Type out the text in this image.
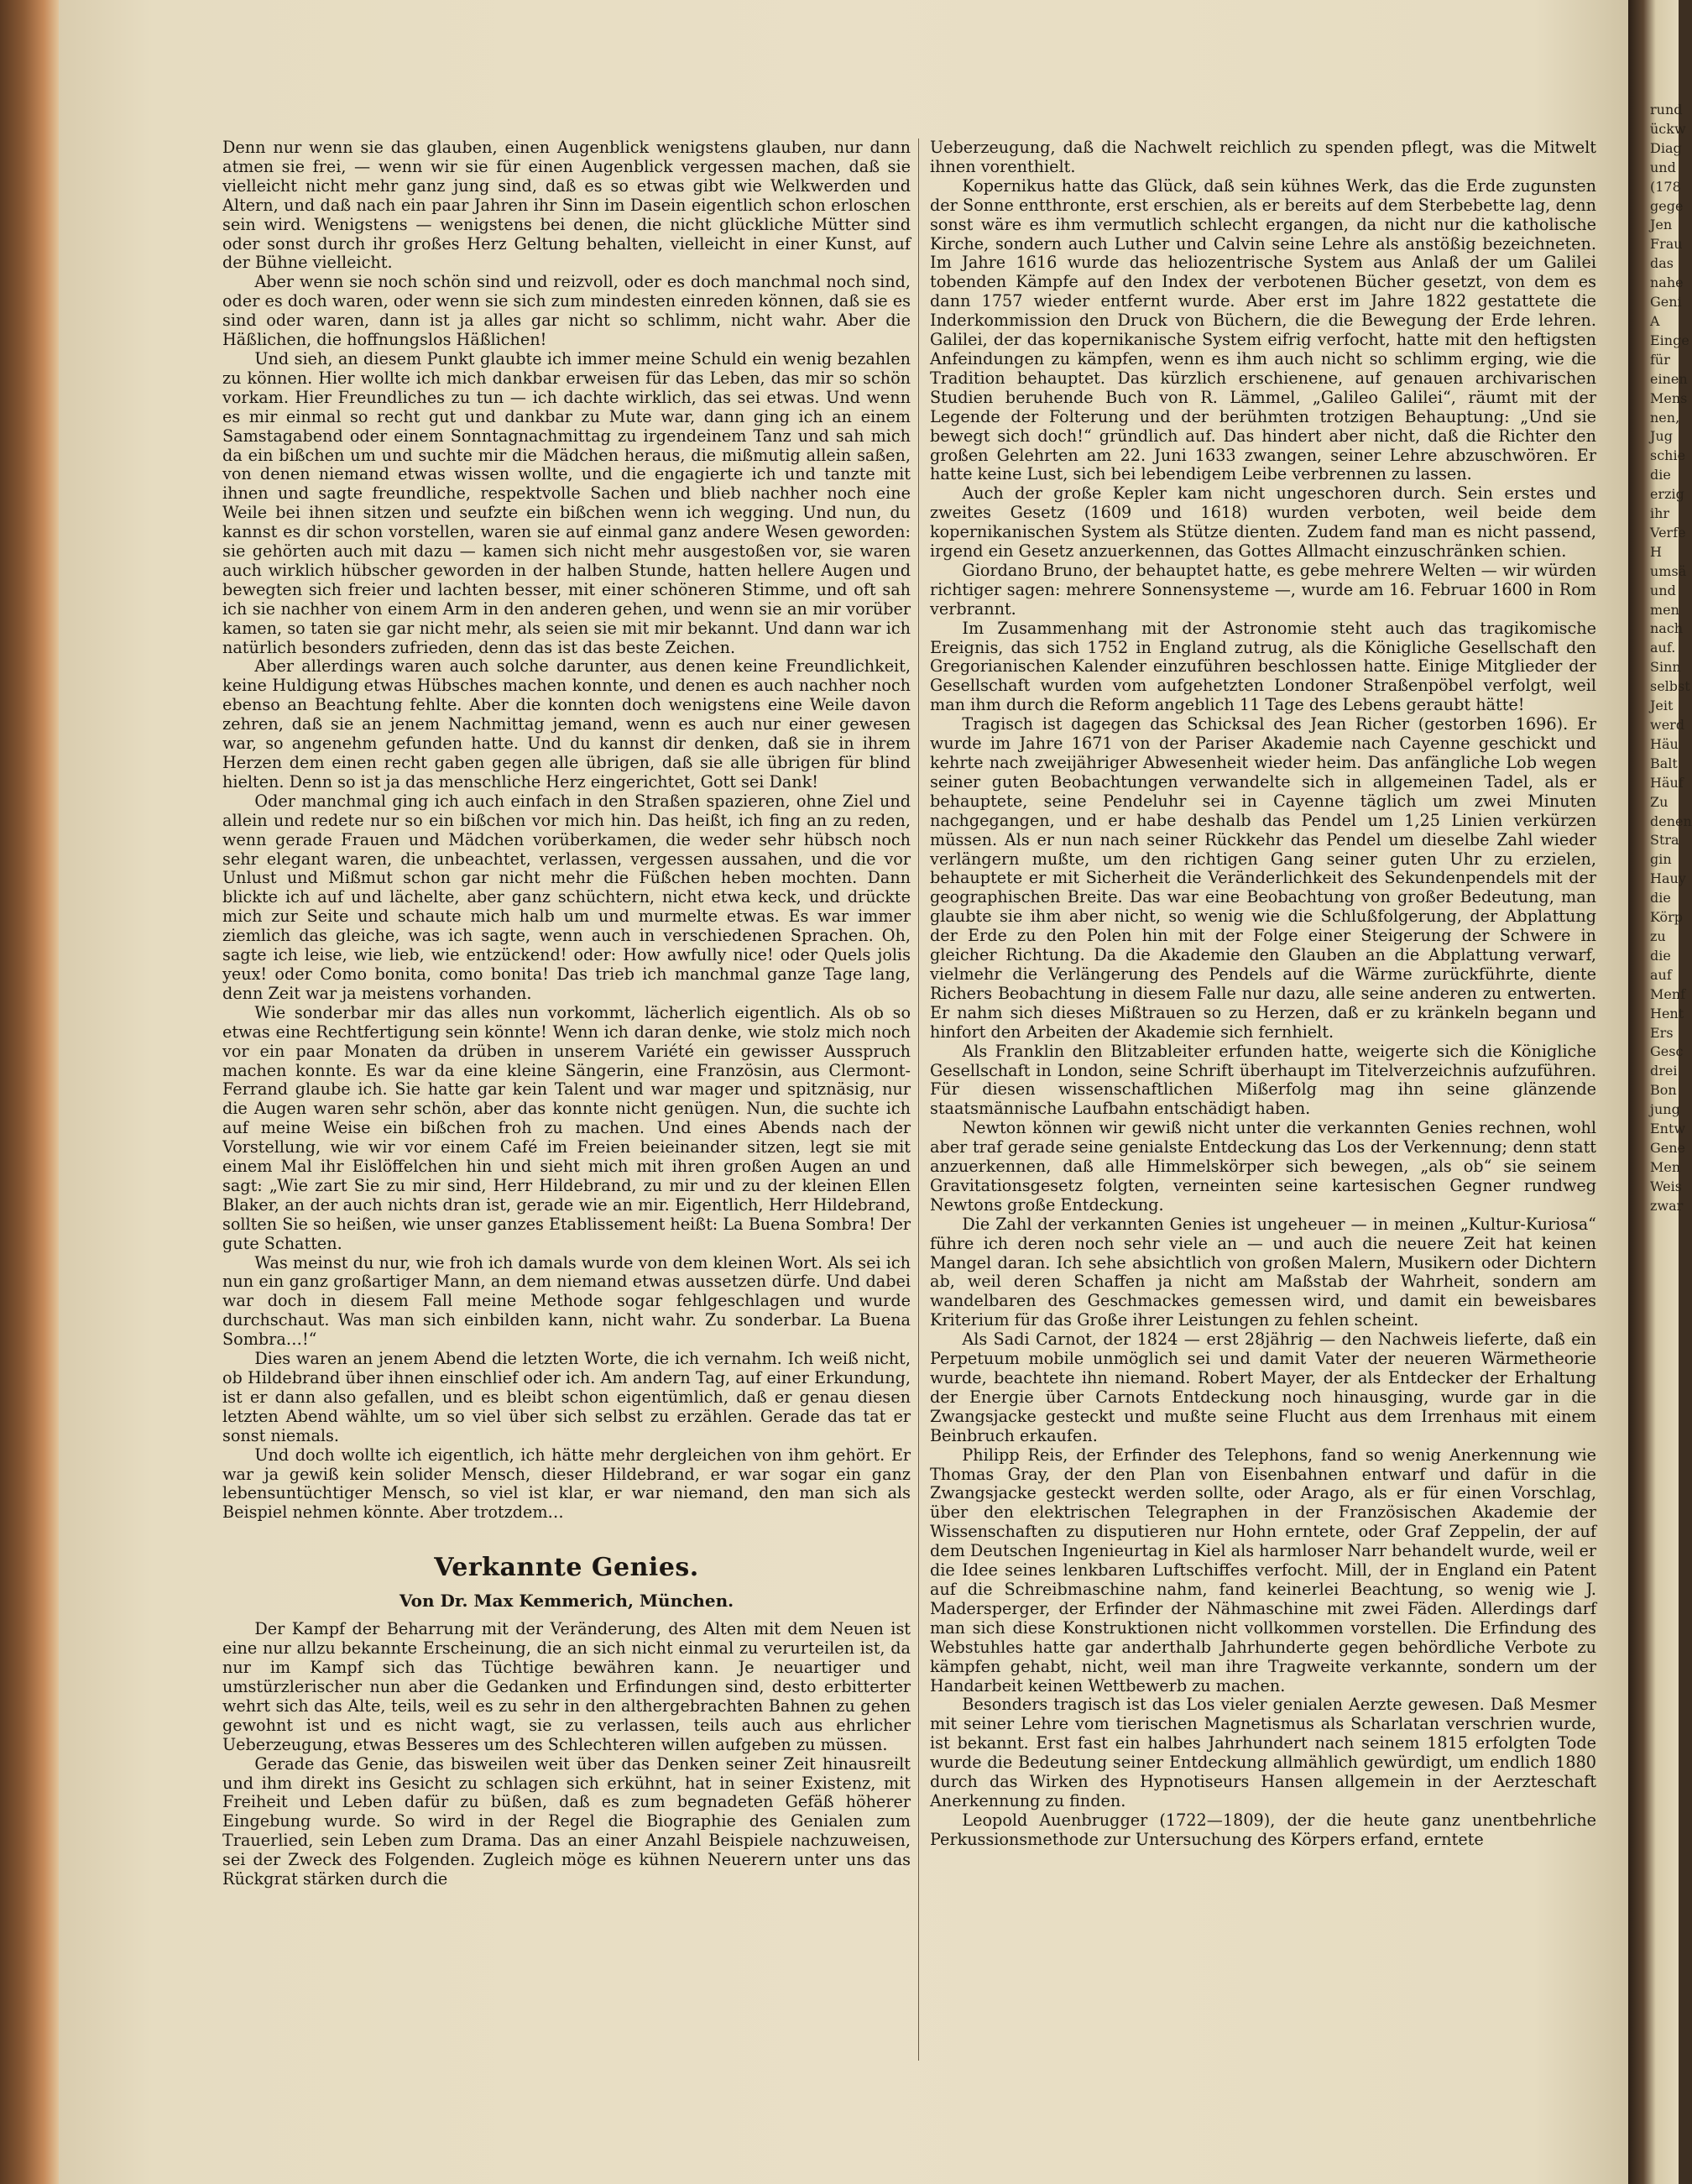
Denn nur wenn sie das glauben, einen Augenblick wenigstens glauben, nur dann atmen sie frei, — wenn wir sie für einen Augenblick vergessen machen, daß sie vielleicht nicht mehr ganz jung sind, daß es so etwas gibt wie Welkwerden und Altern, und daß nach ein paar Jahren ihr Sinn im Dasein eigentlich schon erloschen sein wird. Wenigstens — wenigstens bei denen, die nicht glückliche Mütter sind oder sonst durch ihr großes Herz Geltung behalten, vielleicht in einer Kunst, auf der Bühne vielleicht.

Aber wenn sie noch schön sind und reizvoll, oder es doch manchmal noch sind, oder es doch waren, oder wenn sie sich zum mindesten einreden können, daß sie es sind oder waren, dann ist ja alles gar nicht so schlimm, nicht wahr. Aber die Häßlichen, die hoffnungslos Häßlichen!

Und sieh, an diesem Punkt glaubte ich immer meine Schuld ein wenig bezahlen zu können. Hier wollte ich mich dankbar erweisen für das Leben, das mir so schön vorkam. Hier Freundliches zu tun — ich dachte wirklich, das sei etwas. Und wenn es mir einmal so recht gut und dankbar zu Mute war, dann ging ich an einem Samstagabend oder einem Sonntagnachmittag zu irgendeinem Tanz und sah mich da ein bißchen um und suchte mir die Mädchen heraus, die mißmutig allein saßen, von denen niemand etwas wissen wollte, und die engagierte ich und tanzte mit ihnen und sagte freundliche, respektvolle Sachen und blieb nachher noch eine Weile bei ihnen sitzen und seufzte ein bißchen wenn ich wegging. Und nun, du kannst es dir schon vorstellen, waren sie auf einmal ganz andere Wesen geworden: sie gehörten auch mit dazu — kamen sich nicht mehr ausgestoßen vor, sie waren auch wirklich hübscher geworden in der halben Stunde, hatten hellere Augen und bewegten sich freier und lachten besser, mit einer schöneren Stimme, und oft sah ich sie nachher von einem Arm in den anderen gehen, und wenn sie an mir vorüber kamen, so taten sie gar nicht mehr, als seien sie mit mir bekannt. Und dann war ich natürlich besonders zufrieden, denn das ist das beste Zeichen.

Aber allerdings waren auch solche darunter, aus denen keine Freundlichkeit, keine Huldigung etwas Hübsches machen konnte, und denen es auch nachher noch ebenso an Beachtung fehlte. Aber die konnten doch wenigstens eine Weile davon zehren, daß sie an jenem Nachmittag jemand, wenn es auch nur einer gewesen war, so angenehm gefunden hatte. Und du kannst dir denken, daß sie in ihrem Herzen dem einen recht gaben gegen alle übrigen, daß sie alle übrigen für blind hielten. Denn so ist ja das menschliche Herz eingerichtet, Gott sei Dank!

Oder manchmal ging ich auch einfach in den Straßen spazieren, ohne Ziel und allein und redete nur so ein bißchen vor mich hin. Das heißt, ich fing an zu reden, wenn gerade Frauen und Mädchen vorüberkamen, die weder sehr hübsch noch sehr elegant waren, die unbeachtet, verlassen, vergessen aussahen, und die vor Unlust und Mißmut schon gar nicht mehr die Füßchen heben mochten. Dann blickte ich auf und lächelte, aber ganz schüchtern, nicht etwa keck, und drückte mich zur Seite und schaute mich halb um und murmelte etwas. Es war immer ziemlich das gleiche, was ich sagte, wenn auch in verschiedenen Sprachen. Oh, sagte ich leise, wie lieb, wie entzückend! oder: How awfully nice! oder Quels jolis yeux! oder Como bonita, como bonita! Das trieb ich manchmal ganze Tage lang, denn Zeit war ja meistens vorhanden.

Wie sonderbar mir das alles nun vorkommt, lächerlich eigentlich. Als ob so etwas eine Rechtfertigung sein könnte! Wenn ich daran denke, wie stolz mich noch vor ein paar Monaten da drüben in unserem Variété ein gewisser Ausspruch machen konnte. Es war da eine kleine Sängerin, eine Französin, aus Clermont-Ferrand glaube ich. Sie hatte gar kein Talent und war mager und spitznäsig, nur die Augen waren sehr schön, aber das konnte nicht genügen. Nun, die suchte ich auf meine Weise ein bißchen froh zu machen. Und eines Abends nach der Vorstellung, wie wir vor einem Café im Freien beieinander sitzen, legt sie mit einem Mal ihr Eislöffelchen hin und sieht mich mit ihren großen Augen an und sagt: „Wie zart Sie zu mir sind, Herr Hildebrand, zu mir und zu der kleinen Ellen Blaker, an der auch nichts dran ist, gerade wie an mir. Eigentlich, Herr Hildebrand, sollten Sie so heißen, wie unser ganzes Etablissement heißt: La Buena Sombra! Der gute Schatten.

Was meinst du nur, wie froh ich damals wurde von dem kleinen Wort. Als sei ich nun ein ganz großartiger Mann, an dem niemand etwas aussetzen dürfe. Und dabei war doch in diesem Fall meine Methode sogar fehlgeschlagen und wurde durchschaut. Was man sich einbilden kann, nicht wahr. Zu sonderbar. La Buena Sombra…!“

Dies waren an jenem Abend die letzten Worte, die ich vernahm. Ich weiß nicht, ob Hildebrand über ihnen einschlief oder ich. Am andern Tag, auf einer Erkundung, ist er dann also gefallen, und es bleibt schon eigentümlich, daß er genau diesen letzten Abend wählte, um so viel über sich selbst zu erzählen. Gerade das tat er sonst niemals.

Und doch wollte ich eigentlich, ich hätte mehr dergleichen von ihm gehört. Er war ja gewiß kein solider Mensch, dieser Hildebrand, er war sogar ein ganz lebensuntüchtiger Mensch, so viel ist klar, er war niemand, den man sich als Beispiel nehmen könnte. Aber trotzdem…

Verkannte Genies.
Von Dr. Max Kemmerich, München.

Der Kampf der Beharrung mit der Veränderung, des Alten mit dem Neuen ist eine nur allzu bekannte Erscheinung, die an sich nicht einmal zu verurteilen ist, da nur im Kampf sich das Tüchtige bewähren kann. Je neuartiger und umstürzlerischer nun aber die Gedanken und Erfindungen sind, desto erbitterter wehrt sich das Alte, teils, weil es zu sehr in den althergebrachten Bahnen zu gehen gewohnt ist und es nicht wagt, sie zu verlassen, teils auch aus ehrlicher Ueberzeugung, etwas Besseres um des Schlechteren willen aufgeben zu müssen.

Gerade das Genie, das bisweilen weit über das Denken seiner Zeit hinausreilt und ihm direkt ins Gesicht zu schlagen sich erkühnt, hat in seiner Existenz, mit Freiheit und Leben dafür zu büßen, daß es zum begnadeten Gefäß höherer Eingebung wurde. So wird in der Regel die Biographie des Genialen zum Trauerlied, sein Leben zum Drama. Das an einer Anzahl Beispiele nachzuweisen, sei der Zweck des Folgenden. Zugleich möge es kühnen Neuerern unter uns das Rückgrat stärken durch die

Ueberzeugung, daß die Nachwelt reichlich zu spenden pflegt, was die Mitwelt ihnen vorenthielt.

Kopernikus hatte das Glück, daß sein kühnes Werk, das die Erde zugunsten der Sonne entthronte, erst erschien, als er bereits auf dem Sterbebette lag, denn sonst wäre es ihm vermutlich schlecht ergangen, da nicht nur die katholische Kirche, sondern auch Luther und Calvin seine Lehre als anstößig bezeichneten. Im Jahre 1616 wurde das heliozentrische System aus Anlaß der um Galilei tobenden Kämpfe auf den Index der verbotenen Bücher gesetzt, von dem es dann 1757 wieder entfernt wurde. Aber erst im Jahre 1822 gestattete die Inderkommission den Druck von Büchern, die die Bewegung der Erde lehren. Galilei, der das kopernikanische System eifrig verfocht, hatte mit den heftigsten Anfeindungen zu kämpfen, wenn es ihm auch nicht so schlimm erging, wie die Tradition behauptet. Das kürzlich erschienene, auf genauen archivarischen Studien beruhende Buch von R. Lämmel, „Galileo Galilei“, räumt mit der Legende der Folterung und der berühmten trotzigen Behauptung: „Und sie bewegt sich doch!“ gründlich auf. Das hindert aber nicht, daß die Richter den großen Gelehrten am 22. Juni 1633 zwangen, seiner Lehre abzuschwören. Er hatte keine Lust, sich bei lebendigem Leibe verbrennen zu lassen.

Auch der große Kepler kam nicht ungeschoren durch. Sein erstes und zweites Gesetz (1609 und 1618) wurden verboten, weil beide dem kopernikanischen System als Stütze dienten. Zudem fand man es nicht passend, irgend ein Gesetz anzuerkennen, das Gottes Allmacht einzuschränken schien.

Giordano Bruno, der behauptet hatte, es gebe mehrere Welten — wir würden richtiger sagen: mehrere Sonnensysteme —, wurde am 16. Februar 1600 in Rom verbrannt.

Im Zusammenhang mit der Astronomie steht auch das tragikomische Ereignis, das sich 1752 in England zutrug, als die Königliche Gesellschaft den Gregorianischen Kalender einzuführen beschlossen hatte. Einige Mitglieder der Gesellschaft wurden vom aufgehetzten Londoner Straßenpöbel verfolgt, weil man ihm durch die Reform angeblich 11 Tage des Lebens geraubt hätte!

Tragisch ist dagegen das Schicksal des Jean Richer (gestorben 1696). Er wurde im Jahre 1671 von der Pariser Akademie nach Cayenne geschickt und kehrte nach zweijähriger Abwesenheit wieder heim. Das anfängliche Lob wegen seiner guten Beobachtungen verwandelte sich in allgemeinen Tadel, als er behauptete, seine Pendeluhr sei in Cayenne täglich um zwei Minuten nachgegangen, und er habe deshalb das Pendel um 1,25 Linien verkürzen müssen. Als er nun nach seiner Rückkehr das Pendel um dieselbe Zahl wieder verlängern mußte, um den richtigen Gang seiner guten Uhr zu erzielen, behauptete er mit Sicherheit die Veränderlichkeit des Sekundenpendels mit der geographischen Breite. Das war eine Beobachtung von großer Bedeutung, man glaubte sie ihm aber nicht, so wenig wie die Schlußfolgerung, der Abplattung der Erde zu den Polen hin mit der Folge einer Steigerung der Schwere in gleicher Richtung. Da die Akademie den Glauben an die Abplattung verwarf, vielmehr die Verlängerung des Pendels auf die Wärme zurückführte, diente Richers Beobachtung in diesem Falle nur dazu, alle seine anderen zu entwerten. Er nahm sich dieses Mißtrauen so zu Herzen, daß er zu kränkeln begann und hinfort den Arbeiten der Akademie sich fernhielt.

Als Franklin den Blitzableiter erfunden hatte, weigerte sich die Königliche Gesellschaft in London, seine Schrift überhaupt im Titelverzeichnis aufzuführen. Für diesen wissenschaftlichen Mißerfolg mag ihn seine glänzende staatsmännische Laufbahn entschädigt haben.

Newton können wir gewiß nicht unter die verkannten Genies rechnen, wohl aber traf gerade seine genialste Entdeckung das Los der Verkennung; denn statt anzuerkennen, daß alle Himmelskörper sich bewegen, „als ob“ sie seinem Gravitationsgesetz folgten, verneinten seine kartesischen Gegner rundweg Newtons große Entdeckung.

Die Zahl der verkannten Genies ist ungeheuer — in meinen „Kultur-Kuriosa“ führe ich deren noch sehr viele an — und auch die neuere Zeit hat keinen Mangel daran. Ich sehe absichtlich von großen Malern, Musikern oder Dichtern ab, weil deren Schaffen ja nicht am Maßstab der Wahrheit, sondern am wandelbaren des Geschmackes gemessen wird, und damit ein beweisbares Kriterium für das Große ihrer Leistungen zu fehlen scheint.

Als Sadi Carnot, der 1824 — erst 28jährig — den Nachweis lieferte, daß ein Perpetuum mobile unmöglich sei und damit Vater der neueren Wärmetheorie wurde, beachtete ihn niemand. Robert Mayer, der als Entdecker der Erhaltung der Energie über Carnots Entdeckung noch hinausging, wurde gar in die Zwangsjacke gesteckt und mußte seine Flucht aus dem Irrenhaus mit einem Beinbruch erkaufen.

Philipp Reis, der Erfinder des Telephons, fand so wenig Anerkennung wie Thomas Gray, der den Plan von Eisenbahnen entwarf und dafür in die Zwangsjacke gesteckt werden sollte, oder Arago, als er für einen Vorschlag, über den elektrischen Telegraphen in der Französischen Akademie der Wissenschaften zu disputieren nur Hohn erntete, oder Graf Zeppelin, der auf dem Deutschen Ingenieurtag in Kiel als harmloser Narr behandelt wurde, weil er die Idee seines lenkbaren Luftschiffes verfocht. Mill, der in England ein Patent auf die Schreibmaschine nahm, fand keinerlei Beachtung, so wenig wie J. Madersperger, der Erfinder der Nähmaschine mit zwei Fäden. Allerdings darf man sich diese Konstruktionen nicht vollkommen vorstellen. Die Erfindung des Webstuhles hatte gar anderthalb Jahrhunderte gegen behördliche Verbote zu kämpfen gehabt, nicht, weil man ihre Tragweite verkannte, sondern um der Handarbeit keinen Wettbewerb zu machen.

Besonders tragisch ist das Los vieler genialen Aerzte gewesen. Daß Mesmer mit seiner Lehre vom tierischen Magnetismus als Scharlatan verschrien wurde, ist bekannt. Erst fast ein halbes Jahrhundert nach seinem 1815 erfolgten Tode wurde die Bedeutung seiner Entdeckung allmählich gewürdigt, um endlich 1880 durch das Wirken des Hypnotiseurs Hansen allgemein in der Aerzteschaft Anerkennung zu finden.

Leopold Auenbrugger (1722—1809), der die heute ganz unentbehrliche Perkussionsmethode zur Untersuchung des Körpers erfand, erntete

rund
ückw
Diag
und
(178
gege
Jen
Frau
das
nahe
Geni
A
Einge
für
einen
Mens
nen,
Jug
schie
die
erzig
ihr
Verfe
H
umsä
und
men
nach
auf.
Sinn
selbst
Jeit
werd
Häu
Balt
Häuf
Zu
denen
Stra
gin
Hauy
die
Körp
zu
die
auf
Menf
Hent
Ers
Gesc
drei
Bon
jung
Entw
Gene
Men
Weis
zwar
